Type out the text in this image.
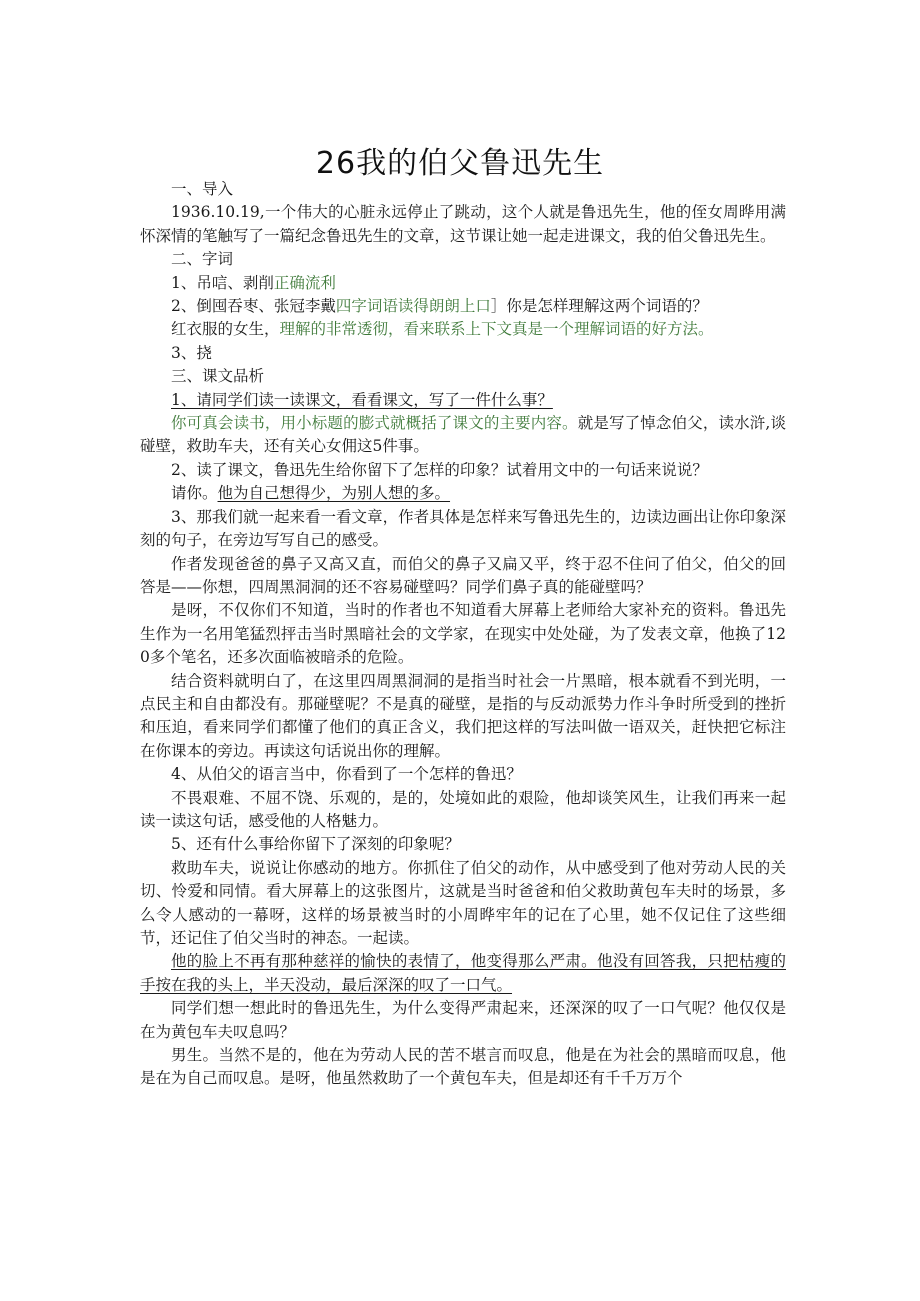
26我的伯父鲁迅先生

一、导入

1936.10.19,一个伟大的心脏永远停止了跳动，这个人就是鲁迅先生，他的侄女周晔用满怀深情的笔触写了一篇纪念鲁迅先生的文章，这节课让她一起走进课文，我的伯父鲁迅先生。

二、字词

1、吊唁、剥削正确流利

2、倒囤吞枣、张冠李戴四字词语读得朗朗上口］你是怎样理解这两个词语的？

红衣服的女生，理解的非常透彻，看来联系上下文真是一个理解词语的好方法。

3、挠

三、课文品析

1、请同学们读一读课文，看看课文，写了一件什么事？

你可真会读书，用小标题的膨式就概括了课文的主要内容。就是写了悼念伯父，读水浒,谈碰壁，救助车夫，还有关心女佣这5件事。

2、读了课文，鲁迅先生给你留下了怎样的印象？试着用文中的一句话来说说？

请你。他为自己想得少，为别人想的多。

3、那我们就一起来看一看文章，作者具体是怎样来写鲁迅先生的，边读边画出让你印象深刻的句子，在旁边写写自己的感受。

作者发现爸爸的鼻子又高又直，而伯父的鼻子又扁又平，终于忍不住问了伯父，伯父的回答是——你想，四周黑洞洞的还不容易碰壁吗？同学们鼻子真的能碰壁吗？

是呀，不仅你们不知道，当时的作者也不知道看大屏幕上老师给大家补充的资料。鲁迅先生作为一名用笔猛烈抨击当时黑暗社会的文学家，在现实中处处碰，为了发表文章，他换了120多个笔名，还多次面临被暗杀的危险。

结合资料就明白了，在这里四周黑洞洞的是指当时社会一片黑暗，根本就看不到光明，一点民主和自由都没有。那碰壁呢？不是真的碰壁，是指的与反动派势力作斗争时所受到的挫折和压迫，看来同学们都懂了他们的真正含义，我们把这样的写法叫做一语双关，赶快把它标注在你课本的旁边。再读这句话说出你的理解。

4、从伯父的语言当中，你看到了一个怎样的鲁迅？

不畏艰难、不屈不饶、乐观的，是的，处境如此的艰险，他却谈笑风生，让我们再来一起读一读这句话，感受他的人格魅力。

5、还有什么事给你留下了深刻的印象呢？

救助车夫，说说让你感动的地方。你抓住了伯父的动作，从中感受到了他对劳动人民的关切、怜爱和同情。看大屏幕上的这张图片，这就是当时爸爸和伯父救助黄包车夫时的场景，多么令人感动的一幕呀，这样的场景被当时的小周晔牢年的记在了心里，她不仅记住了这些细节，还记住了伯父当时的神态。一起读。

他的脸上不再有那种慈祥的愉快的表情了，他变得那么严肃。他没有回答我，只把枯瘦的手按在我的头上，半天没动，最后深深的叹了一口气。

同学们想一想此时的鲁迅先生，为什么变得严肃起来，还深深的叹了一口气呢？他仅仅是在为黄包车夫叹息吗？

男生。当然不是的，他在为劳动人民的苦不堪言而叹息，他是在为社会的黑暗而叹息，他是在为自己而叹息。是呀，他虽然救助了一个黄包车夫，但是却还有千千万万个
